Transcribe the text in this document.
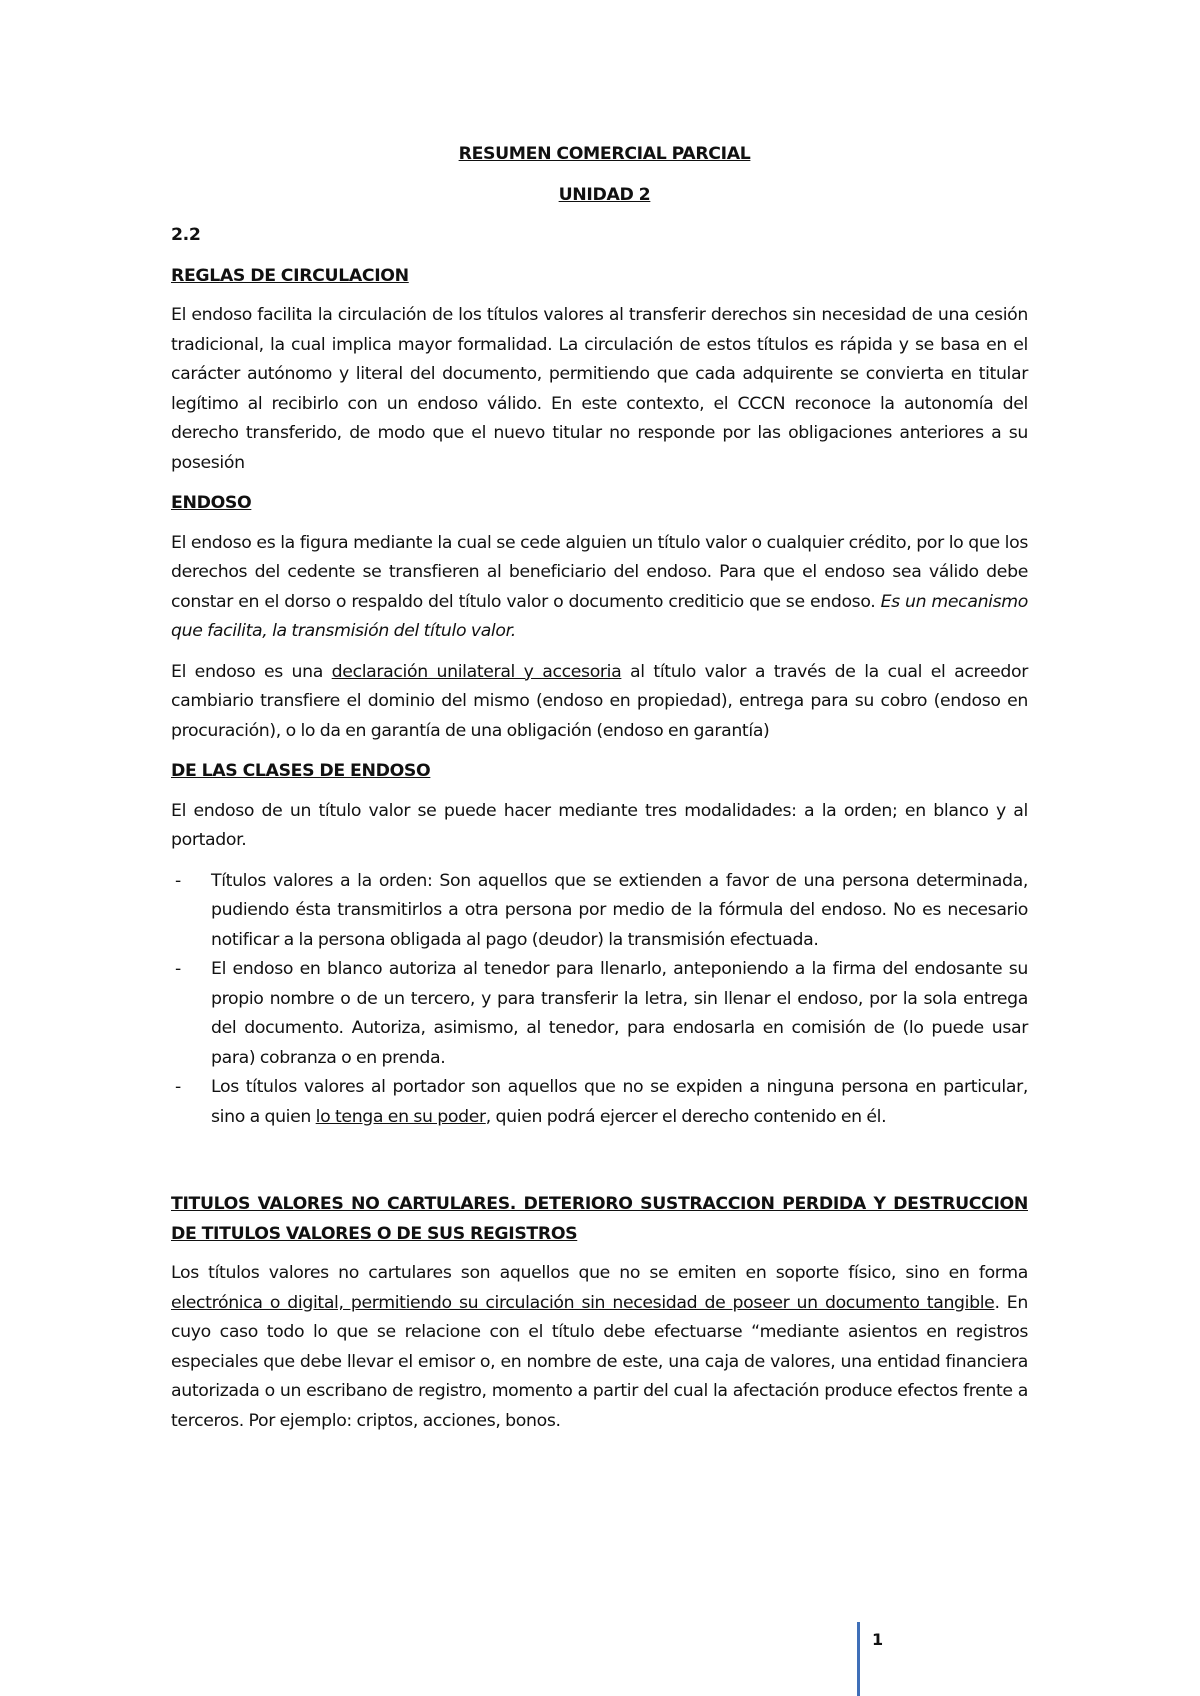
RESUMEN COMERCIAL PARCIAL
UNIDAD 2
2.2
REGLAS DE CIRCULACION

El endoso facilita la circulación de los títulos valores al transferir derechos sin necesidad de una cesión tradicional, la cual implica mayor formalidad. La circulación de estos títulos es rápida y se basa en el carácter autónomo y literal del documento, permitiendo que cada adquirente se convierta en titular legítimo al recibirlo con un endoso válido. En este contexto, el CCCN reconoce la autonomía del derecho transferido, de modo que el nuevo titular no responde por las obligaciones anteriores a su posesión

ENDOSO

El endoso es la figura mediante la cual se cede alguien un título valor o cualquier crédito, por lo que los derechos del cedente se transfieren al beneficiario del endoso. Para que el endoso sea válido debe constar en el dorso o respaldo del título valor o documento crediticio que se endoso. Es un mecanismo que facilita, la transmisión del título valor.

El endoso es una declaración unilateral y accesoria al título valor a través de la cual el acreedor cambiario transfiere el dominio del mismo (endoso en propiedad), entrega para su cobro (endoso en procuración), o lo da en garantía de una obligación (endoso en garantía)

DE LAS CLASES DE ENDOSO

El endoso de un título valor se puede hacer mediante tres modalidades: a la orden; en blanco y al portador.

- Títulos valores a la orden: Son aquellos que se extienden a favor de una persona determinada, pudiendo ésta transmitirlos a otra persona por medio de la fórmula del endoso. No es necesario notificar a la persona obligada al pago (deudor) la transmisión efectuada.
- El endoso en blanco autoriza al tenedor para llenarlo, anteponiendo a la firma del endosante su propio nombre o de un tercero, y para transferir la letra, sin llenar el endoso, por la sola entrega del documento. Autoriza, asimismo, al tenedor, para endosarla en comisión de (lo puede usar para) cobranza o en prenda.
- Los títulos valores al portador son aquellos que no se expiden a ninguna persona en particular, sino a quien lo tenga en su poder, quien podrá ejercer el derecho contenido en él.
TITULOS VALORES NO CARTULARES. DETERIORO SUSTRACCION PERDIDA Y DESTRUCCION DE TITULOS VALORES O DE SUS REGISTROS

Los títulos valores no cartulares son aquellos que no se emiten en soporte físico, sino en forma electrónica o digital, permitiendo su circulación sin necesidad de poseer un documento tangible. En cuyo caso todo lo que se relacione con el título debe efectuarse “mediante asientos en registros especiales que debe llevar el emisor o, en nombre de este, una caja de valores, una entidad financiera autorizada o un escribano de registro, momento a partir del cual la afectación produce efectos frente a terceros. Por ejemplo: criptos, acciones, bonos.

1
